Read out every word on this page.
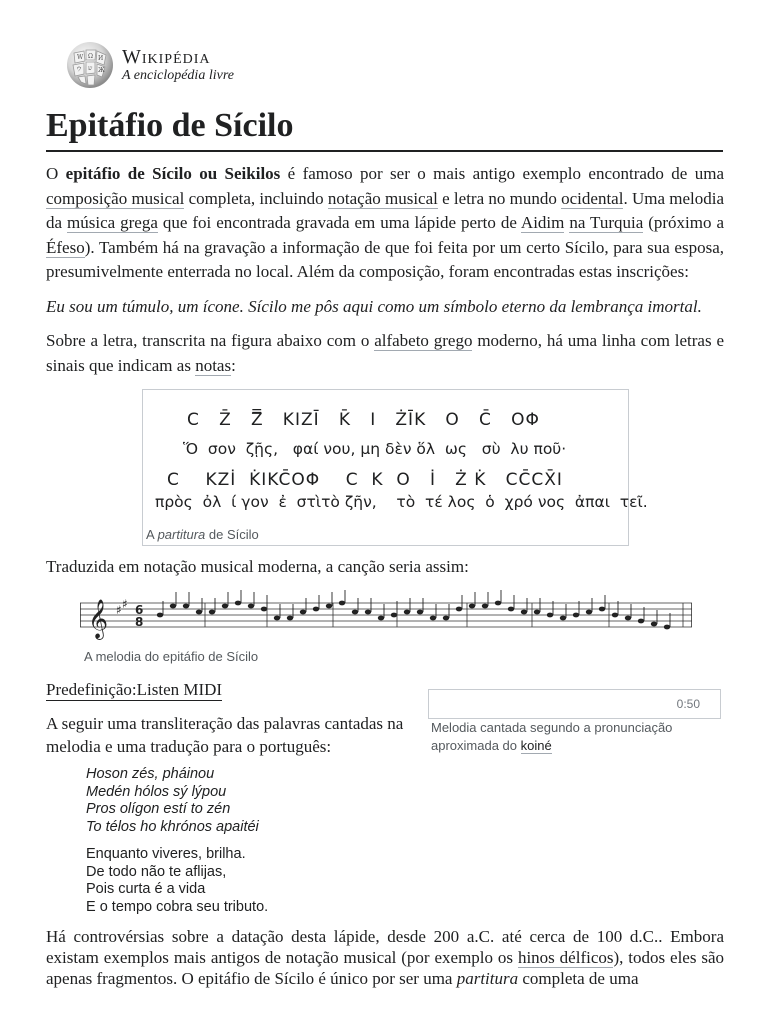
W Ω И
ウ ש Ж
Wikipédia
A enciclopédia livre
Epitáfio de Sícilo

O epitáfio de Sícilo ou Seikilos é famoso por ser o mais antigo exemplo encontrado de uma composição musical completa, incluindo notação musical e letra no mundo ocidental. Uma melodia da música grega que foi encontrada gravada em uma lápide perto de Aidim na Turquia (próximo a Éfeso). Também há na gravação a informação de que foi feita por um certo Sícilo, para sua esposa, presumivelmente enterrada no local. Além da composição, foram encontradas estas inscrições:

Eu sou um túmulo, um ícone. Sícilo me pôs aqui como um símbolo eterno da lembrança imortal.

Sobre a letra, transcrita na figura abaixo com o alfabeto grego moderno, há uma linha com letras e sinais que indicam as notas:

C   Z̄   Z̿   KIZĪ   K̄   I   ŻĪK   O   C̄   OΦ
Ὅ  σον  ζῇς,   φαί νου, μη δὲν ὅλ  ως   σὺ  λυ ποῦ·
C    KZİ  K̇IKC̄OΦ    C  K  O   İ   Ż K̇   CC̄CX̄I
πρὸς  ὀλ  ί γον  ἐ  στὶτὸ ζῆν,    τὸ  τέ λος  ὁ  χρό νος  ἀπαι  τεῖ.
A partitura de Sícilo
Traduzida em notação musical moderna, a canção seria assim:
𝄞 ♯ ♯ 6
8
A melodia do epitáfio de Sícilo
Predefinição:Listen MIDI
0:50
Melodia cantada segundo a pronunciação aproximada do koiné
A seguir uma transliteração das palavras cantadas na melodia e uma tradução para o português:
Hoson zés, pháinou
Medén hólos sý lýpou
Pros olígon estí to zén
To télos ho khrónos apaitéi
Enquanto viveres, brilha.
De todo não te aflijas,
Pois curta é a vida
E o tempo cobra seu tributo.
Há controvérsias sobre a datação desta lápide, desde 200 a.C. até cerca de 100 d.C.. Embora existam exemplos mais antigos de notação musical (por exemplo os hinos délficos), todos eles são apenas fragmentos. O epitáfio de Sícilo é único por ser uma partitura completa de uma
